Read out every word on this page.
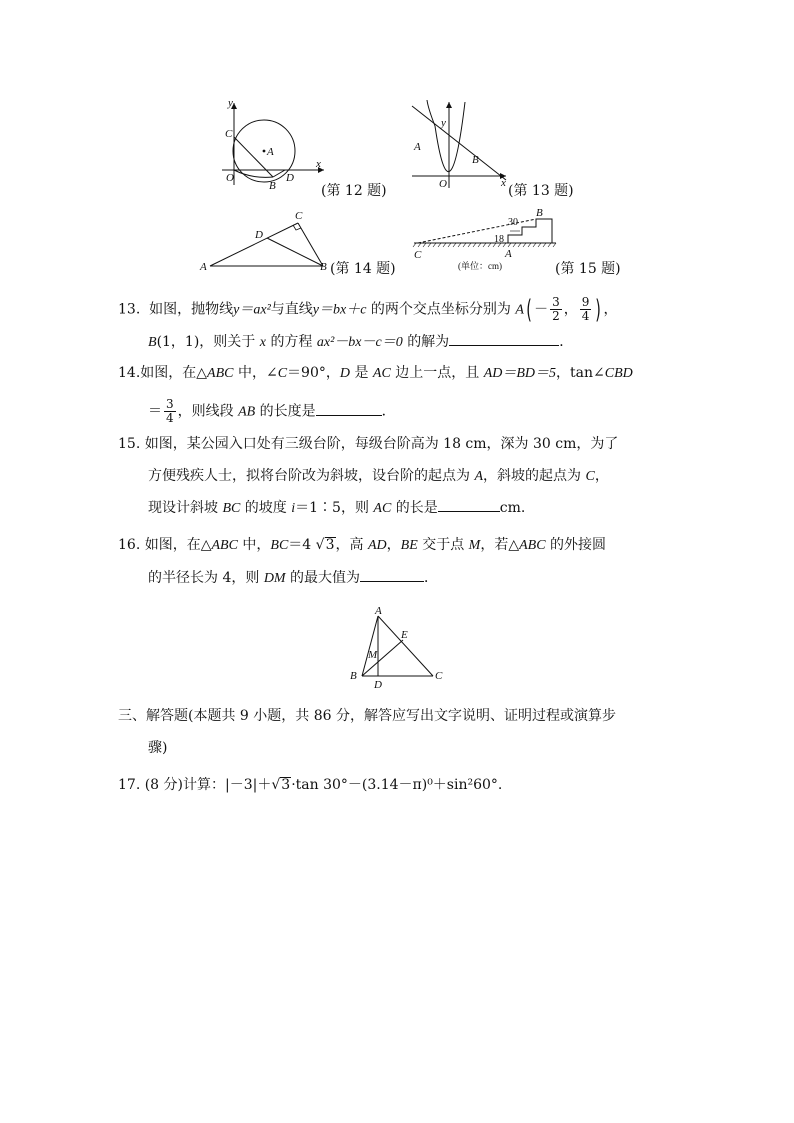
y
x
C
A
O
B
D
(第 12 题)
y
x
A
B
O	(第 13 题)
C
D
A	B (第 14 题)
30
18
B
C	A
(单位：cm)	(第 15 题)
13. 如图，抛物线y＝ax²与直线y＝bx＋c 的两个交点坐标分别为 $A( - \frac{3}{2}$ ， $\frac{9}{4}$ ) ，
B(1，1)，则关于 x 的方程 ax²－bx－c＝0 的解为	．
14.如图，在△ABC 中，∠C＝90°，D 是 AC 边上一点，且 AD＝BD＝5，tan∠CBD
＝ $\frac{3}{4}$ ，则线段 AB 的长度是	．
15. 如图，某公园入口处有三级台阶，每级台阶高为 18 cm，深为 30 cm，为了
方便残疾人士，拟将台阶改为斜坡，设台阶的起点为 A，斜坡的起点为 C，
现设计斜坡 BC 的坡度 i＝1∶5，则 AC 的长是	cm.
16. 如图，在△ABC 中，BC＝4 √3，高 AD，BE 交于点 M，若△ABC 的外接圆
的半径长为 4，则 DM 的最大值为	．
A
E
M
B
D
C
三、解答题(本题共 9 小题，共 86 分，解答应写出文字说明、证明过程或演算步
骤)
17. (8 分)计算：|－3|＋√3·tan 30°－(3.14－π)⁰＋sin²60°.
